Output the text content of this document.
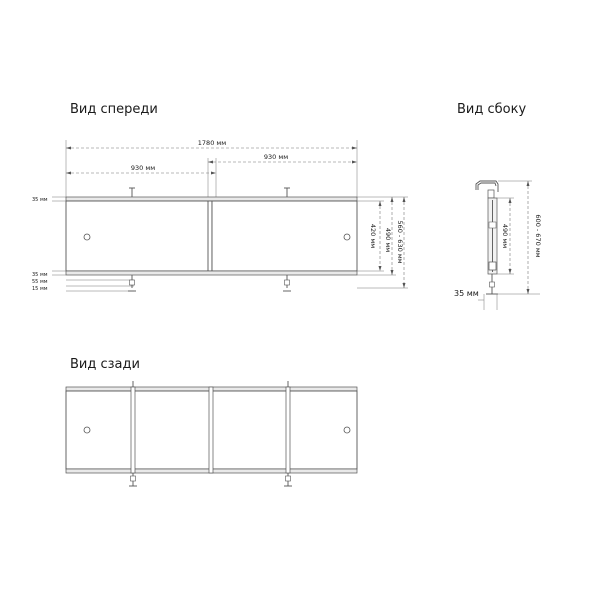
Вид спереди
1780 мм
930 мм
930 мм
35 мм
35 мм
55 мм
15 мм
420 мм 490 мм 560 - 630 мм
Вид сбоку
35 мм
490 мм	600 - 670 мм
Вид сзади
